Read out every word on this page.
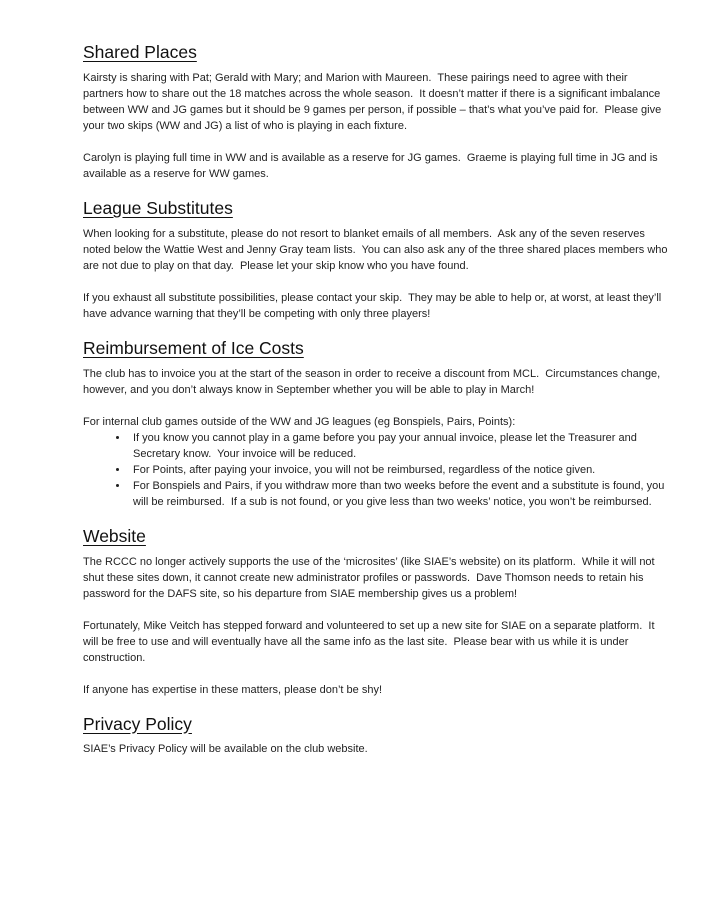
Shared Places

Kairsty is sharing with Pat; Gerald with Mary; and Marion with Maureen.  These pairings need to agree with their partners how to share out the 18 matches across the whole season.  It doesn’t matter if there is a significant imbalance between WW and JG games but it should be 9 games per person, if possible – that’s what you’ve paid for.  Please give your two skips (WW and JG) a list of who is playing in each fixture.

Carolyn is playing full time in WW and is available as a reserve for JG games.  Graeme is playing full time in JG and is available as a reserve for WW games.

League Substitutes

When looking for a substitute, please do not resort to blanket emails of all members.  Ask any of the seven reserves noted below the Wattie West and Jenny Gray team lists.  You can also ask any of the three shared places members who are not due to play on that day.  Please let your skip know who you have found.

If you exhaust all substitute possibilities, please contact your skip.  They may be able to help or, at worst, at least they’ll have advance warning that they’ll be competing with only three players!

Reimbursement of Ice Costs

The club has to invoice you at the start of the season in order to receive a discount from MCL.  Circumstances change, however, and you don’t always know in September whether you will be able to play in March!

For internal club games outside of the WW and JG leagues (eg Bonspiels, Pairs, Points):

• If you know you cannot play in a game before you pay your annual invoice, please let the Treasurer and Secretary know.  Your invoice will be reduced.
• For Points, after paying your invoice, you will not be reimbursed, regardless of the notice given.
• For Bonspiels and Pairs, if you withdraw more than two weeks before the event and a substitute is found, you will be reimbursed.  If a sub is not found, or you give less than two weeks’ notice, you won’t be reimbursed.
Website

The RCCC no longer actively supports the use of the ‘microsites’ (like SIAE’s website) on its platform.  While it will not shut these sites down, it cannot create new administrator profiles or passwords.  Dave Thomson needs to retain his password for the DAFS site, so his departure from SIAE membership gives us a problem!

Fortunately, Mike Veitch has stepped forward and volunteered to set up a new site for SIAE on a separate platform.  It will be free to use and will eventually have all the same info as the last site.  Please bear with us while it is under construction.

If anyone has expertise in these matters, please don’t be shy!

Privacy Policy

SIAE’s Privacy Policy will be available on the club website.
